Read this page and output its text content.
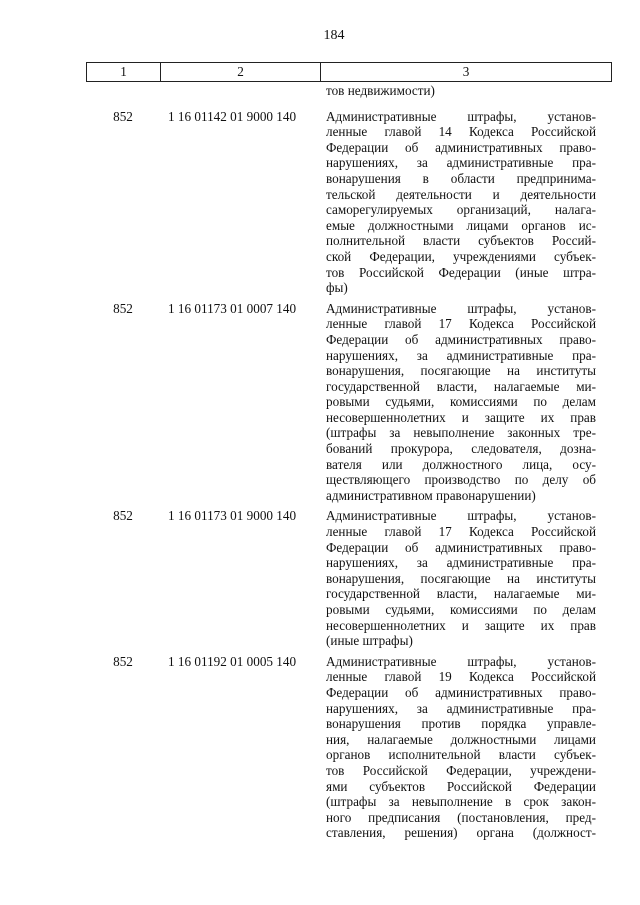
184
1	2	3
тов недвижимости)
852	1 16 01142 01 9000 140	Административные штрафы, установ-
ленные главой 14 Кодекса Российской
Федерации об административных право-
нарушениях, за административные пра-
вонарушения в области предпринима-
тельской деятельности и деятельности
саморегулируемых организаций, налага-
емые должностными лицами органов ис-
полнительной власти субъектов Россий-
ской Федерации, учреждениями субъек-
тов Российской Федерации (иные штра-
фы)
852	1 16 01173 01 0007 140	Административные штрафы, установ-
ленные главой 17 Кодекса Российской
Федерации об административных право-
нарушениях, за административные пра-
вонарушения, посягающие на институты
государственной власти, налагаемые ми-
ровыми судьями, комиссиями по делам
несовершеннолетних и защите их прав
(штрафы за невыполнение законных тре-
бований прокурора, следователя, дозна-
вателя или должностного лица, осу-
ществляющего производство по делу об
административном правонарушении)
852	1 16 01173 01 9000 140	Административные штрафы, установ-
ленные главой 17 Кодекса Российской
Федерации об административных право-
нарушениях, за административные пра-
вонарушения, посягающие на институты
государственной власти, налагаемые ми-
ровыми судьями, комиссиями по делам
несовершеннолетних и защите их прав
(иные штрафы)
852	1 16 01192 01 0005 140	Административные штрафы, установ-
ленные главой 19 Кодекса Российской
Федерации об административных право-
нарушениях, за административные пра-
вонарушения против порядка управле-
ния, налагаемые должностными лицами
органов исполнительной власти субъек-
тов Российской Федерации, учреждени-
ями субъектов Российской Федерации
(штрафы за невыполнение в срок закон-
ного предписания (постановления, пред-
ставления, решения) органа (должност-
